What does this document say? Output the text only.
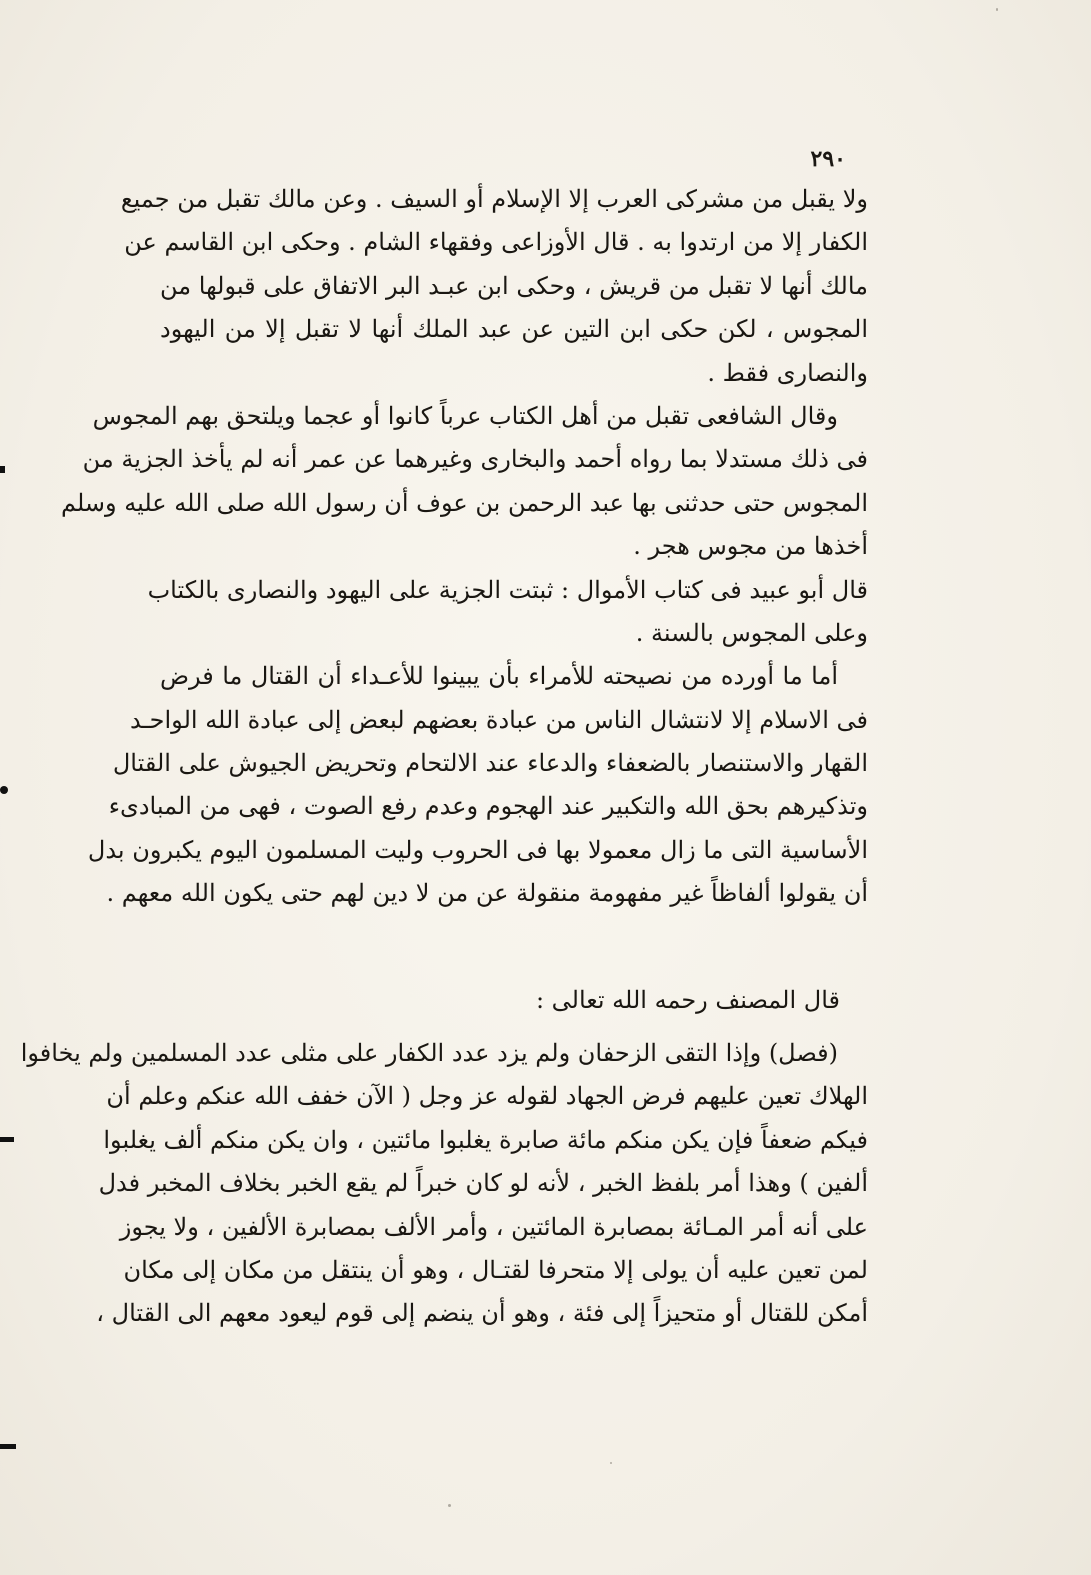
٢٩٠
ولا يقبل من مشركى العرب إلا الإسلام أو السيف . وعن مالك تقبل من جميع
الكفار إلا من ارتدوا به . قال الأوزاعى وفقهاء الشام . وحكى ابن القاسم عن
مالك أنها لا تقبل من قريش ، وحكى ابن عبـد البر الاتفاق على قبولها من
المجوس ، لكن حكى ابن التين عن عبد الملك أنها لا تقبل إلا من اليهود
والنصارى فقط .
وقال الشافعى تقبل من أهل الكتاب عرباً كانوا أو عجما ويلتحق بهم المجوس
فى ذلك مستدلا بما رواه أحمد والبخارى وغيرهما عن عمر أنه لم يأخذ الجزية من
المجوس حتى حدثنى بها عبد الرحمن بن عوف أن رسول الله صلى الله عليه وسلم
أخذها من مجوس هجر .
قال أبو عبيد فى كتاب الأموال : ثبتت الجزية على اليهود والنصارى بالكتاب
وعلى المجوس بالسنة .
أما ما أورده من نصيحته للأمراء بأن يبينوا للأعـداء أن القتال ما فرض
فى الاسلام إلا لانتشال الناس من عبادة بعضهم لبعض إلى عبادة الله الواحـد
القهار والاستنصار بالضعفاء والدعاء عند الالتحام وتحريض الجيوش على القتال
وتذكيرهم بحق الله والتكبير عند الهجوم وعدم رفع الصوت ، فهى من المبادىء
الأساسية التى ما زال معمولا بها فى الحروب وليت المسلمون اليوم يكبرون بدل
أن يقولوا ألفاظاً غير مفهومة منقولة عن من لا دين لهم حتى يكون الله معهم .
قال المصنف رحمه الله تعالى :
(فصل) وإذا التقى الزحفان ولم يزد عدد الكفار على مثلى عدد المسلمين ولم يخافوا
الهلاك تعين عليهم فرض الجهاد لقوله عز وجل ( الآن خفف الله عنكم وعلم أن
فيكم ضعفاً فإن يكن منكم مائة صابرة يغلبوا مائتين ، وان يكن منكم ألف يغلبوا
ألفين ) وهذا أمر بلفظ الخبر ، لأنه لو كان خبراً لم يقع الخبر بخلاف المخبر فدل
على أنه أمر المـائة بمصابرة المائتين ، وأمر الألف بمصابرة الألفين ، ولا يجوز
لمن تعين عليه أن يولى إلا متحرفا لقتـال ، وهو أن ينتقل من مكان إلى مكان
أمكن للقتال أو متحيزاً إلى فئة ، وهو أن ينضم إلى قوم ليعود معهم الى القتال ،
